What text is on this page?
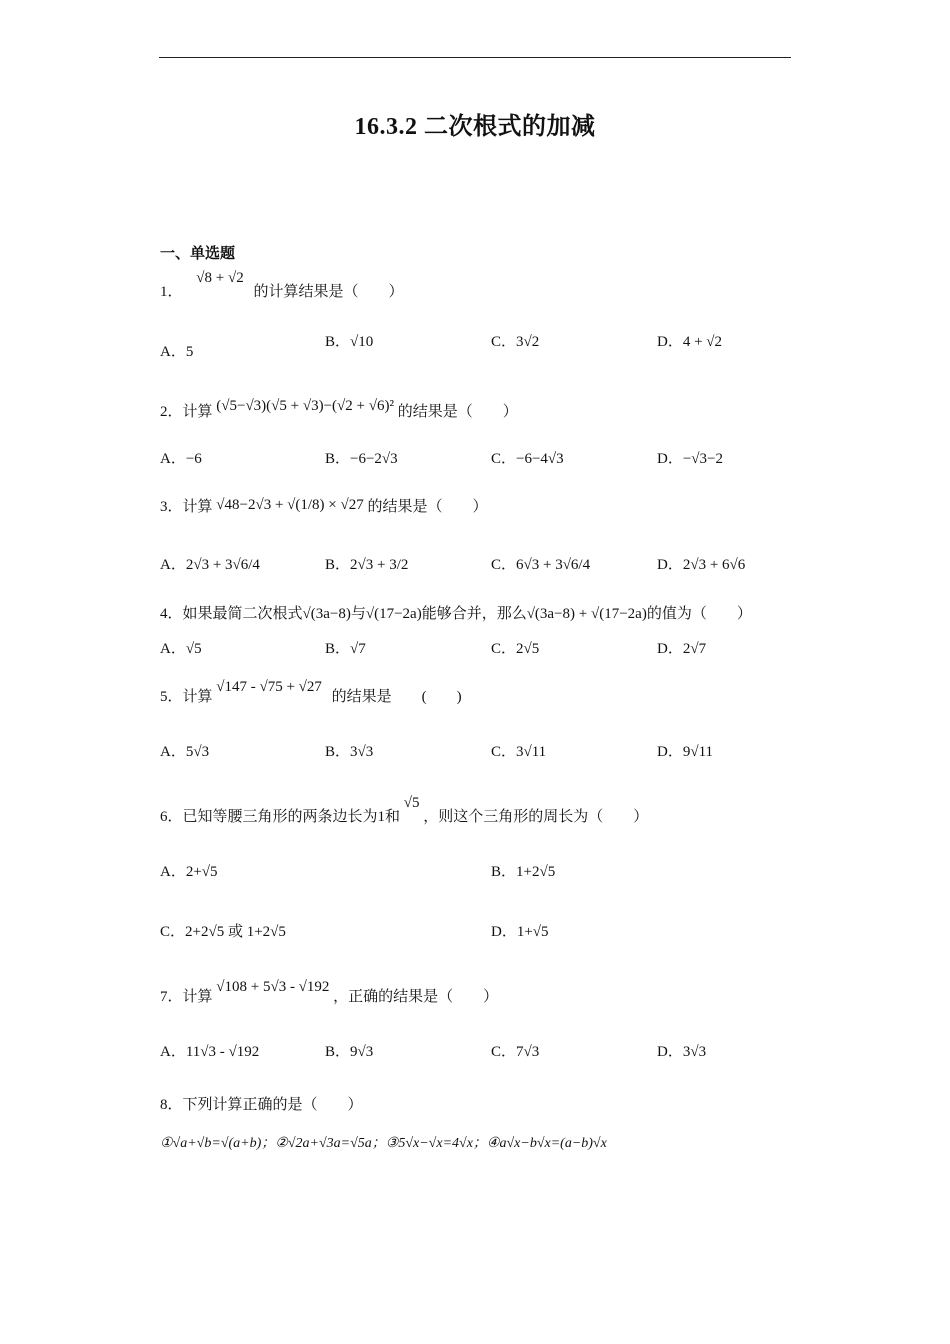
16.3.2 二次根式的加减
一、单选题
1． √8 + √2 的计算结果是（　　）
A．5
B．√10	C．3√2	D．4 + √2
2．计算 (√5−√3)(√5 + √3)−(√2 + √6)² 的结果是（　　）
A．−6	B．−6−2√3	C．−6−4√3	D．−√3−2
3．计算 √48−2√3 + √(1/8) × √27 的结果是（　　）
A．2√3 + 3√6/4	B．2√3 + 3/2	C．6√3 + 3√6/4	D．2√3 + 6√6
4．如果最简二次根式√(3a−8)与√(17−2a)能够合并，那么√(3a−8) + √(17−2a)的值为（　　）
A．√5	B．√7	C．2√5	D．2√7
5．计算 √147 - √75 + √27 的结果是　　(　　)
A．5√3	B．3√3	C．3√11	D．9√11
6．已知等腰三角形的两条边长为1和 √5 ，则这个三角形的周长为（　　）
A．2+√5	B．1+2√5
C．2+2√5 或 1+2√5	D．1+√5
7．计算 √108 + 5√3 - √192 ，正确的结果是（　　）
A．11√3 - √192	B．9√3	C．7√3	D．3√3
8．下列计算正确的是（　　）
①√a+√b=√(a+b)；②√2a+√3a=√5a；③5√x−√x=4√x；④a√x−b√x=(a−b)√x
